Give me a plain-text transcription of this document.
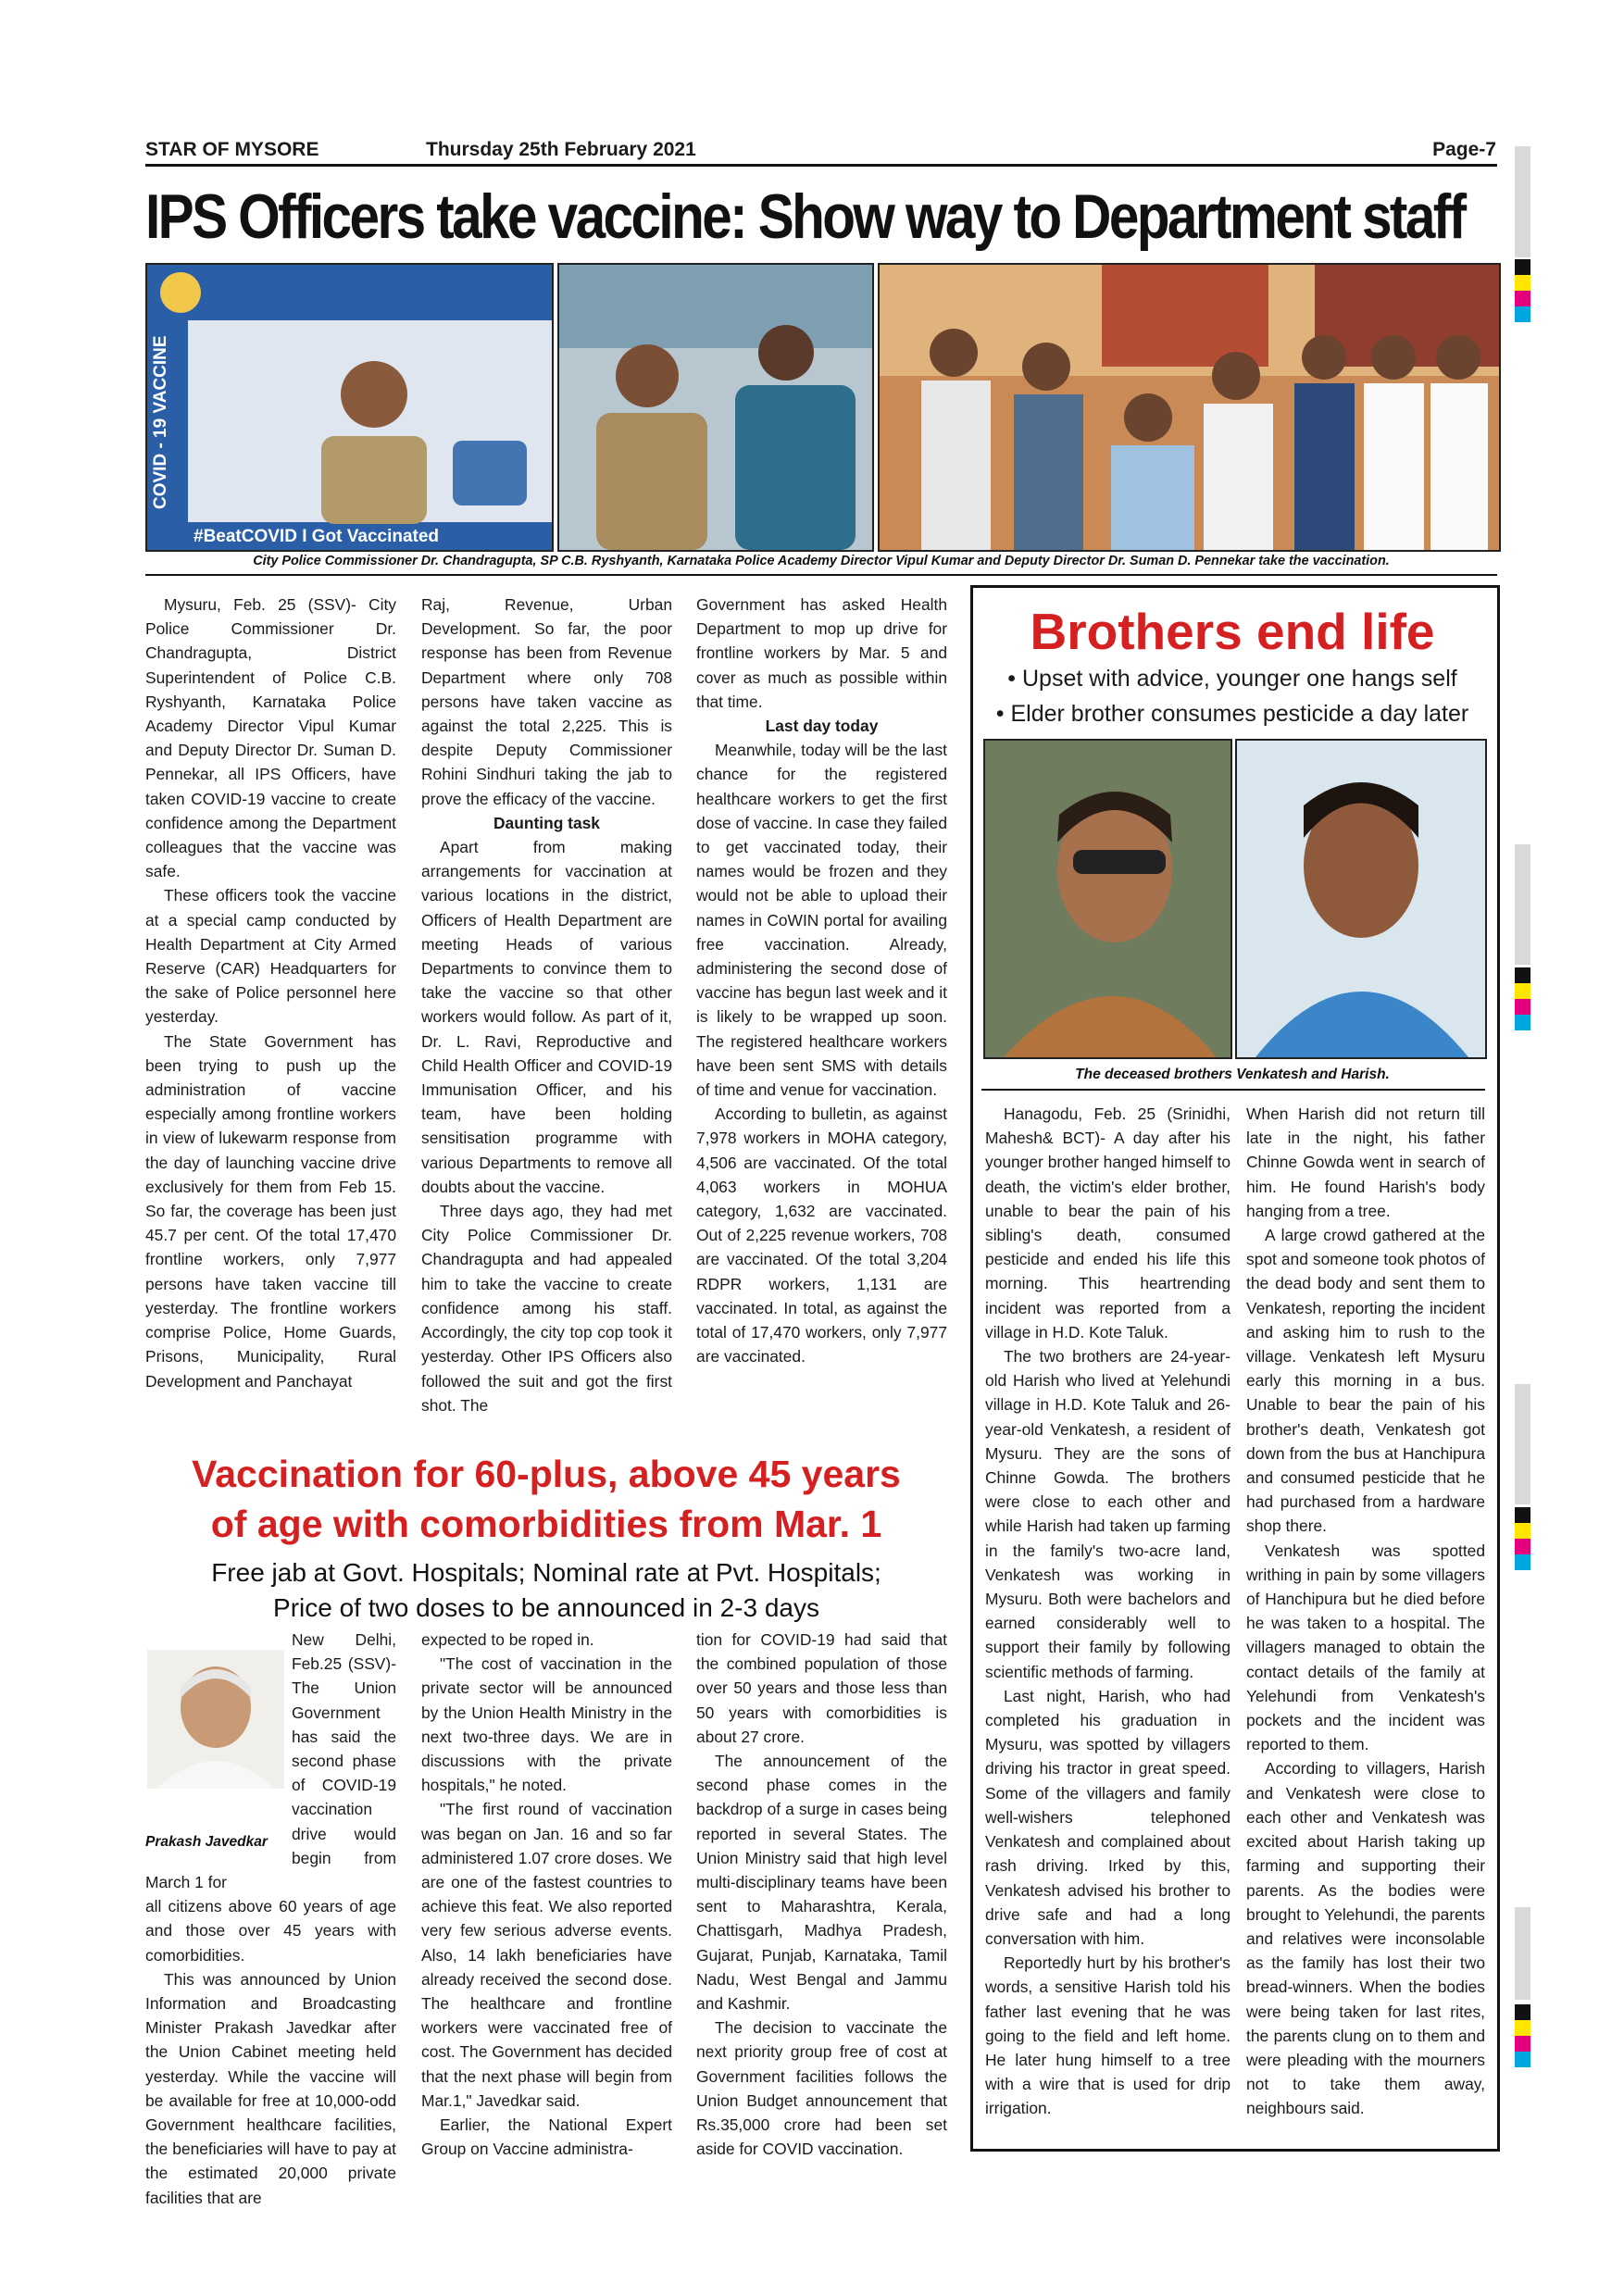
STAR OF MYSORE	Thursday 25th February 2021	Page-7
IPS Officers take vaccine: Show way to Department staff
COVID - 19 VACCINE
#BeatCOVID I Got Vaccinated
City Police Commissioner Dr. Chandragupta, SP C.B. Ryshyanth, Karnataka Police Academy Director Vipul Kumar and Deputy Director Dr. Suman D. Pennekar take the vaccination.

Mysuru, Feb. 25 (SSV)- City Police Commissioner Dr. Chandragupta, District Superintendent of Police C.B. Ryshyanth, Karnataka Police Academy Director Vipul Kumar and Deputy Director Dr. Suman D. Pennekar, all IPS Officers, have taken COVID-19 vaccine to create confidence among the Department colleagues that the vaccine was safe.

These officers took the vaccine at a special camp conducted by Health Department at City Armed Reserve (CAR) Headquarters for the sake of Police personnel here yesterday.

The State Government has been trying to push up the administration of vaccine especially among frontline workers in view of lukewarm response from the day of launching vaccine drive exclusively for them from Feb 15. So far, the coverage has been just 45.7 per cent. Of the total 17,470 frontline workers, only 7,977 persons have taken vaccine till yesterday. The frontline workers comprise Police, Home Guards, Prisons, Municipality, Rural Development and Panchayat

Raj, Revenue, Urban Development. So far, the poor response has been from Revenue Department where only 708 persons have taken vaccine as against the total 2,225. This is despite Deputy Commissioner Rohini Sindhuri taking the jab to prove the efficacy of the vaccine.

Daunting task

Apart from making arrangements for vaccination at various locations in the district, Officers of Health Department are meeting Heads of various Departments to convince them to take the vaccine so that other workers would follow. As part of it, Dr. L. Ravi, Reproductive and Child Health Officer and COVID-19 Immunisation Officer, and his team, have been holding sensitisation programme with various Departments to remove all doubts about the vaccine.

Three days ago, they had met City Police Commissioner Dr. Chandragupta and had appealed him to take the vaccine to create confidence among his staff. Accordingly, the city top cop took it yesterday. Other IPS Officers also followed the suit and got the first shot. The

Government has asked Health Department to mop up drive for frontline workers by Mar. 5 and cover as much as possible within that time.

Last day today

Meanwhile, today will be the last chance for the registered healthcare workers to get the first dose of vaccine. In case they failed to get vaccinated today, their names would be frozen and they would not be able to upload their names in CoWIN portal for availing free vaccination. Already, administering the second dose of vaccine has begun last week and it is likely to be wrapped up soon. The registered healthcare workers have been sent SMS with details of time and venue for vaccination.

According to bulletin, as against 7,978 workers in MOHA category, 4,506 are vaccinated. Of the total 4,063 workers in MOHUA category, 1,632 are vaccinated. Out of 2,225 revenue workers, 708 are vaccinated. Of the total 3,204 RDPR workers, 1,131 are vaccinated. In total, as against the total of 17,470 workers, only 7,977 are vaccinated.

Vaccination for 60-plus, above 45 years
of age with comorbidities from Mar. 1
Free jab at Govt. Hospitals; Nominal rate at Pvt. Hospitals;
Price of two doses to be announced in 2-3 days
Prakash Javedkar

New Delhi, Feb.25 (SSV)-The Union Government has said the second phase of COVID-19 vaccination drive would begin from March 1 for

all citizens above 60 years of age and those over 45 years with comorbidities.

This was announced by Union Information and Broadcasting Minister Prakash Javedkar after the Union Cabinet meeting held yesterday. While the vaccine will be available for free at 10,000-odd Government healthcare facilities, the beneficiaries will have to pay at the estimated 20,000 private facilities that are

expected to be roped in.

"The cost of vaccination in the private sector will be announced by the Union Health Ministry in the next two-three days. We are in discussions with the private hospitals," he noted.

"The first round of vaccination was began on Jan. 16 and so far administered 1.07 crore doses. We are one of the fastest countries to achieve this feat. We also reported very few serious adverse events. Also, 14 lakh beneficiaries have already received the second dose. The healthcare and frontline workers were vaccinated free of cost. The Government has decided that the next phase will begin from Mar.1," Javedkar said.

Earlier, the National Expert Group on Vaccine administra-

tion for COVID-19 had said that the combined population of those over 50 years and those less than 50 years with comorbidities is about 27 crore.

The announcement of the second phase comes in the backdrop of a surge in cases being reported in several States. The Union Ministry said that high level multi-disciplinary teams have been sent to Maharashtra, Kerala, Chattisgarh, Madhya Pradesh, Gujarat, Punjab, Karnataka, Tamil Nadu, West Bengal and Jammu and Kashmir.

The decision to vaccinate the next priority group free of cost at Government facilities follows the Union Budget announcement that Rs.35,000 crore had been set aside for COVID vaccination.

Brothers end life
• Upset with advice, younger one hangs self
• Elder brother consumes pesticide a day later
The deceased brothers Venkatesh and Harish.

Hanagodu, Feb. 25 (Srinidhi, Mahesh& BCT)- A day after his younger brother hanged himself to death, the victim's elder brother, unable to bear the pain of his sibling's death, consumed pesticide and ended his life this morning. This heartrending incident was reported from a village in H.D. Kote Taluk.

The two brothers are 24-year-old Harish who lived at Yelehundi village in H.D. Kote Taluk and 26-year-old Venkatesh, a resident of Mysuru. They are the sons of Chinne Gowda. The brothers were close to each other and while Harish had taken up farming in the family's two-acre land, Venkatesh was working in Mysuru. Both were bachelors and earned considerably well to support their family by following scientific methods of farming.

Last night, Harish, who had completed his graduation in Mysuru, was spotted by villagers driving his tractor in great speed. Some of the villagers and family well-wishers telephoned Venkatesh and complained about rash driving. Irked by this, Venkatesh advised his brother to drive safe and had a long conversation with him.

Reportedly hurt by his brother's words, a sensitive Harish told his father last evening that he was going to the field and left home. He later hung himself to a tree with a wire that is used for drip irrigation.

When Harish did not return till late in the night, his father Chinne Gowda went in search of him. He found Harish's body hanging from a tree.

A large crowd gathered at the spot and someone took photos of the dead body and sent them to Venkatesh, reporting the incident and asking him to rush to the village. Venkatesh left Mysuru early this morning in a bus. Unable to bear the pain of his brother's death, Venkatesh got down from the bus at Hanchipura and consumed pesticide that he had purchased from a hardware shop there.

Venkatesh was spotted writhing in pain by some villagers of Hanchipura but he died before he was taken to a hospital. The villagers managed to obtain the contact details of the family at Yelehundi from Venkatesh's pockets and the incident was reported to them.

According to villagers, Harish and Venkatesh were close to each other and Venkatesh was excited about Harish taking up farming and supporting their parents. As the bodies were brought to Yelehundi, the parents and relatives were inconsolable as the family has lost their two bread-winners. When the bodies were being taken for last rites, the parents clung on to them and were pleading with the mourners not to take them away, neighbours said.
